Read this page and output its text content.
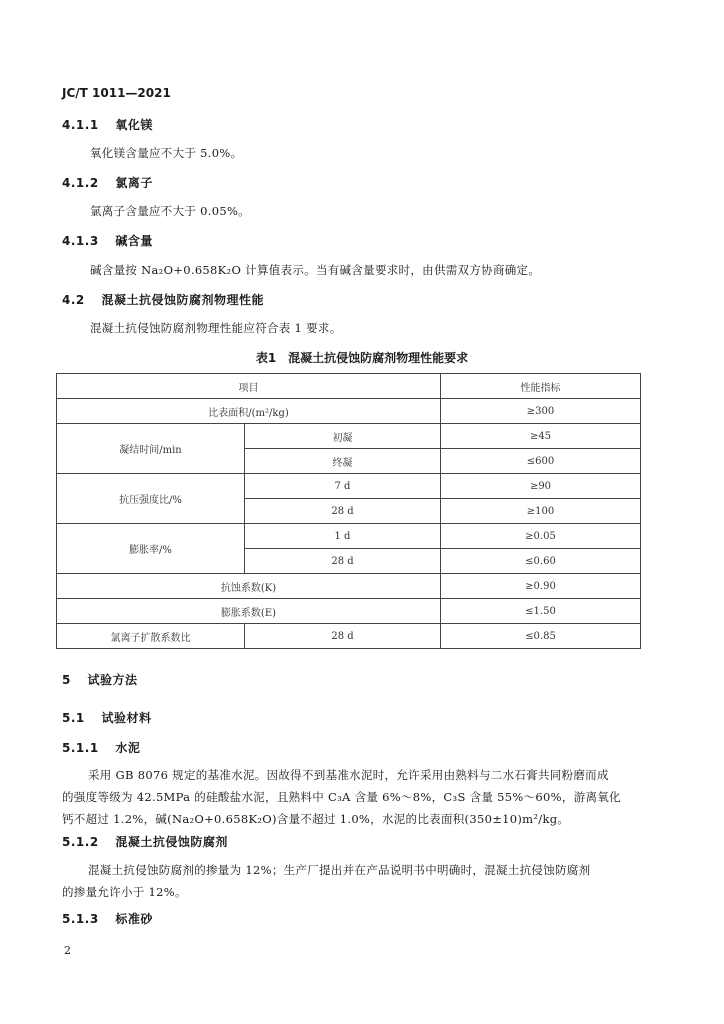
JC/T 1011—2021
4.1.1 氧化镁
氧化镁含量应不大于 5.0%。
4.1.2 氯离子
氯离子含量应不大于 0.05%。
4.1.3 碱含量
碱含量按 Na₂O+0.658K₂O 计算值表示。当有碱含量要求时，由供需双方协商确定。
4.2 混凝土抗侵蚀防腐剂物理性能
混凝土抗侵蚀防腐剂物理性能应符合表 1 要求。
表1　混凝土抗侵蚀防腐剂物理性能要求
项目		性能指标
比表面积/(m²/kg)		≥300
凝结时间/min	初凝	≥45
	终凝	≤600
抗压强度比/%	7 d	≥90
	28 d	≥100
膨胀率/%	1 d	≥0.05
	28 d	≤0.60
抗蚀系数(K)		≥0.90
膨胀系数(E)		≤1.50
氯离子扩散系数比	28 d	≤0.85
5 试验方法
5.1 试验材料
5.1.1 水泥
采用 GB 8076 规定的基准水泥。因故得不到基准水泥时，允许采用由熟料与二水石膏共同粉磨而成
的强度等级为 42.5MPa 的硅酸盐水泥，且熟料中 C₃A 含量 6%～8%，C₃S 含量 55%～60%，游离氧化
钙不超过 1.2%，碱(Na₂O+0.658K₂O)含量不超过 1.0%，水泥的比表面积(350±10)m²/kg。
5.1.2 混凝土抗侵蚀防腐剂
混凝土抗侵蚀防腐剂的掺量为 12%；生产厂提出并在产品说明书中明确时，混凝土抗侵蚀防腐剂
的掺量允许小于 12%。
5.1.3 标准砂
2
